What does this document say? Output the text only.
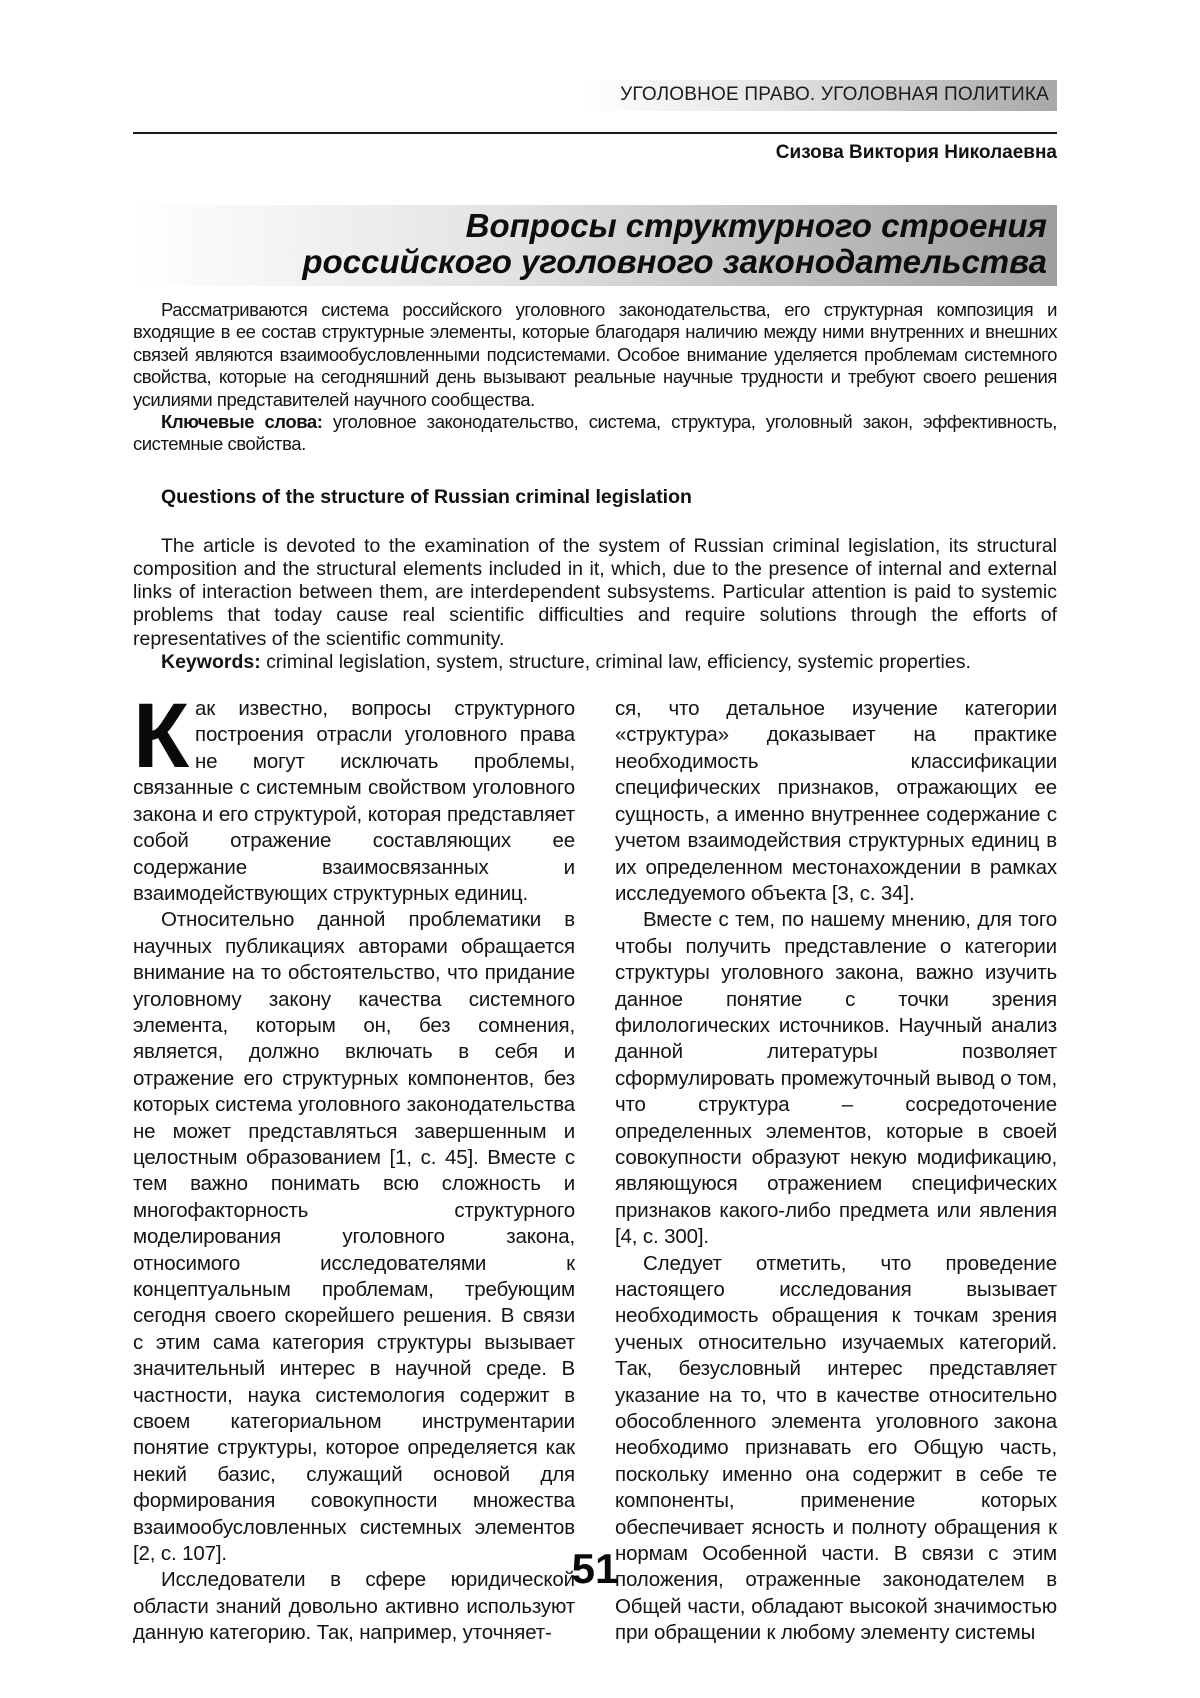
УГОЛОВНОЕ ПРАВО. УГОЛОВНАЯ ПОЛИТИКА
Сизова Виктория Николаевна
Вопросы структурного строения
российского уголовного законодательства

Рассматриваются система российского уголовного законодательства, его структурная композиция и входящие в ее состав структурные элементы, которые благодаря наличию между ними внутренних и внешних связей являются взаимообусловленными подсистемами. Особое внимание уделяется проблемам системного свойства, которые на сегодняшний день вызывают реальные научные трудности и требуют своего решения усилиями представителей научного сообщества.

Ключевые слова: уголовное законодательство, система, структура, уголовный закон, эффективность, системные свойства.

Questions of the structure of Russian criminal legislation

The article is devoted to the examination of the system of Russian criminal legislation, its structural composition and the structural elements included in it, which, due to the presence of internal and external links of interaction between them, are interdependent subsystems. Particular attention is paid to systemic problems that today cause real scientific difficulties and require solutions through the efforts of representatives of the scientific community.

Keywords: criminal legislation, system, structure, criminal law, efficiency, systemic properties.

Как известно, вопросы структурного построения отрасли уголовного права не могут исключать проблемы, связанные с системным свойством уголовного закона и его структурой, которая представляет собой отражение составляющих ее содержание взаимосвязанных и взаимодействующих структурных единиц.

Относительно данной проблематики в научных публикациях авторами обращается внимание на то обстоятельство, что придание уголовному закону качества системного элемента, которым он, без сомнения, является, должно включать в себя и отражение его структурных компонентов, без которых система уголовного законодательства не может представляться завершенным и целостным образованием [1, с. 45]. Вместе с тем важно понимать всю сложность и многофакторность структурного моделирования уголовного закона, относимого исследователями к концептуальным проблемам, требующим сегодня своего скорейшего решения. В связи с этим сама категория структуры вызывает значительный интерес в научной среде. В частности, наука системология содержит в своем категориальном инструментарии понятие структуры, которое определяется как некий базис, служащий основой для формирования совокупности множества взаимообусловленных системных элементов [2, с. 107].

Исследователи в сфере юридической области знаний довольно активно используют данную категорию. Так, например, уточняет-

ся, что детальное изучение категории «структура» доказывает на практике необходимость классификации специфических признаков, отражающих ее сущность, а именно внутреннее содержание с учетом взаимодействия структурных единиц в их определенном местонахождении в рамках исследуемого объекта [3, с. 34].

Вместе с тем, по нашему мнению, для того чтобы получить представление о категории структуры уголовного закона, важно изучить данное понятие с точки зрения филологических источников. Научный анализ данной литературы позволяет сформулировать промежуточный вывод о том, что структура – сосредоточение определенных элементов, которые в своей совокупности образуют некую модификацию, являющуюся отражением специфических признаков какого-либо предмета или явления [4, с. 300].

Следует отметить, что проведение настоящего исследования вызывает необходимость обращения к точкам зрения ученых относительно изучаемых категорий. Так, безусловный интерес представляет указание на то, что в качестве относительно обособленного элемента уголовного закона необходимо признавать его Общую часть, поскольку именно она содержит в себе те компоненты, применение которых обеспечивает ясность и полноту обращения к нормам Особенной части. В связи с этим положения, отраженные законодателем в Общей части, обладают высокой значимостью при обращении к любому элементу системы

51
